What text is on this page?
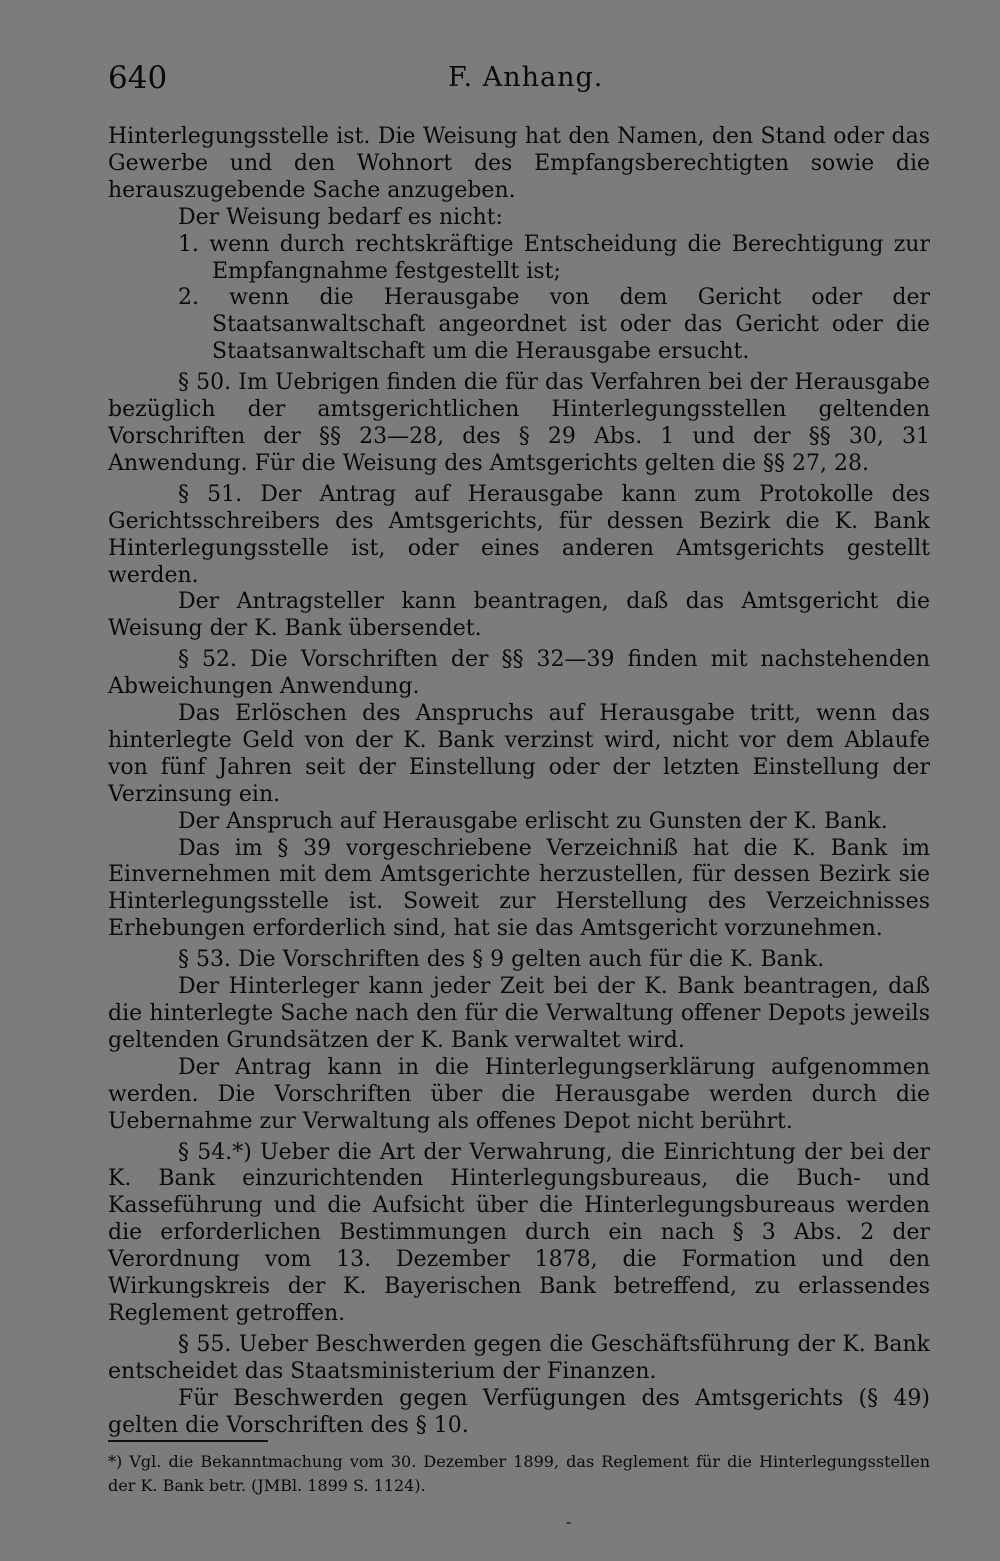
640	F. Anhang.

Hinterlegungsstelle ist. Die Weisung hat den Namen, den Stand oder das Gewerbe und den Wohnort des Empfangsberechtigten sowie die herauszugebende Sache anzugeben.

Der Weisung bedarf es nicht:

1. wenn durch rechtskräftige Entscheidung die Berechtigung zur Empfangnahme festgestellt ist;

2. wenn die Herausgabe von dem Gericht oder der Staatsanwaltschaft angeordnet ist oder das Gericht oder die Staatsanwaltschaft um die Herausgabe ersucht.

§ 50. Im Uebrigen finden die für das Verfahren bei der Herausgabe bezüglich der amtsgerichtlichen Hinterlegungsstellen geltenden Vorschriften der §§ 23—28, des § 29 Abs. 1 und der §§ 30, 31 Anwendung. Für die Weisung des Amtsgerichts gelten die §§ 27, 28.

§ 51. Der Antrag auf Herausgabe kann zum Protokolle des Gerichtsschreibers des Amtsgerichts, für dessen Bezirk die K. Bank Hinterlegungsstelle ist, oder eines anderen Amtsgerichts gestellt werden.

Der Antragsteller kann beantragen, daß das Amtsgericht die Weisung der K. Bank übersendet.

§ 52. Die Vorschriften der §§ 32—39 finden mit nachstehenden Abweichungen Anwendung.

Das Erlöschen des Anspruchs auf Herausgabe tritt, wenn das hinterlegte Geld von der K. Bank verzinst wird, nicht vor dem Ablaufe von fünf Jahren seit der Einstellung oder der letzten Einstellung der Verzinsung ein.

Der Anspruch auf Herausgabe erlischt zu Gunsten der K. Bank.

Das im § 39 vorgeschriebene Verzeichniß hat die K. Bank im Einvernehmen mit dem Amtsgerichte herzustellen, für dessen Bezirk sie Hinterlegungsstelle ist. Soweit zur Herstellung des Verzeichnisses Erhebungen erforderlich sind, hat sie das Amtsgericht vorzunehmen.

§ 53. Die Vorschriften des § 9 gelten auch für die K. Bank.

Der Hinterleger kann jeder Zeit bei der K. Bank beantragen, daß die hinterlegte Sache nach den für die Verwaltung offener Depots jeweils geltenden Grundsätzen der K. Bank verwaltet wird.

Der Antrag kann in die Hinterlegungserklärung aufgenommen werden. Die Vorschriften über die Herausgabe werden durch die Uebernahme zur Verwaltung als offenes Depot nicht berührt.

§ 54.*) Ueber die Art der Verwahrung, die Einrichtung der bei der K. Bank einzurichtenden Hinterlegungsbureaus, die Buch- und Kasseführung und die Aufsicht über die Hinterlegungsbureaus werden die erforderlichen Bestimmungen durch ein nach § 3 Abs. 2 der Verordnung vom 13. Dezember 1878, die Formation und den Wirkungskreis der K. Bayerischen Bank betreffend, zu erlassendes Reglement getroffen.

§ 55. Ueber Beschwerden gegen die Geschäftsführung der K. Bank entscheidet das Staatsministerium der Finanzen.

Für Beschwerden gegen Verfügungen des Amtsgerichts (§ 49) gelten die Vorschriften des § 10.

*) Vgl. die Bekanntmachung vom 30. Dezember 1899, das Reglement für die Hinterlegungsstellen der K. Bank betr. (JMBl. 1899 S. 1124).
-
